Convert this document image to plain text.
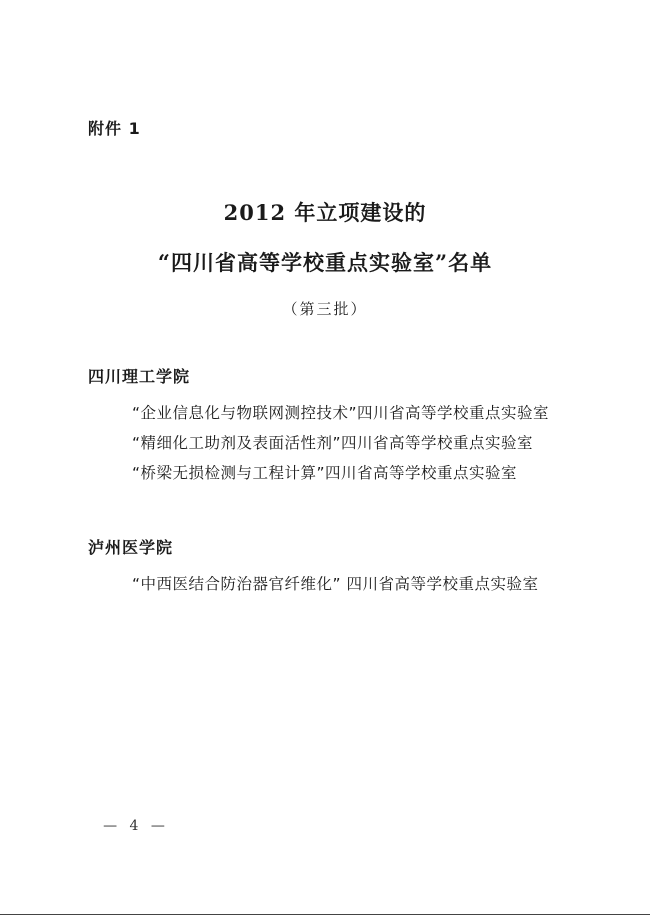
附件 1
2012 年立项建设的
“四川省高等学校重点实验室”名单
（第三批）
四川理工学院
“企业信息化与物联网测控技术”四川省高等学校重点实验室
“精细化工助剂及表面活性剂”四川省高等学校重点实验室
“桥梁无损检测与工程计算”四川省高等学校重点实验室
泸州医学院
“中西医结合防治器官纤维化” 四川省高等学校重点实验室
— 4 —
